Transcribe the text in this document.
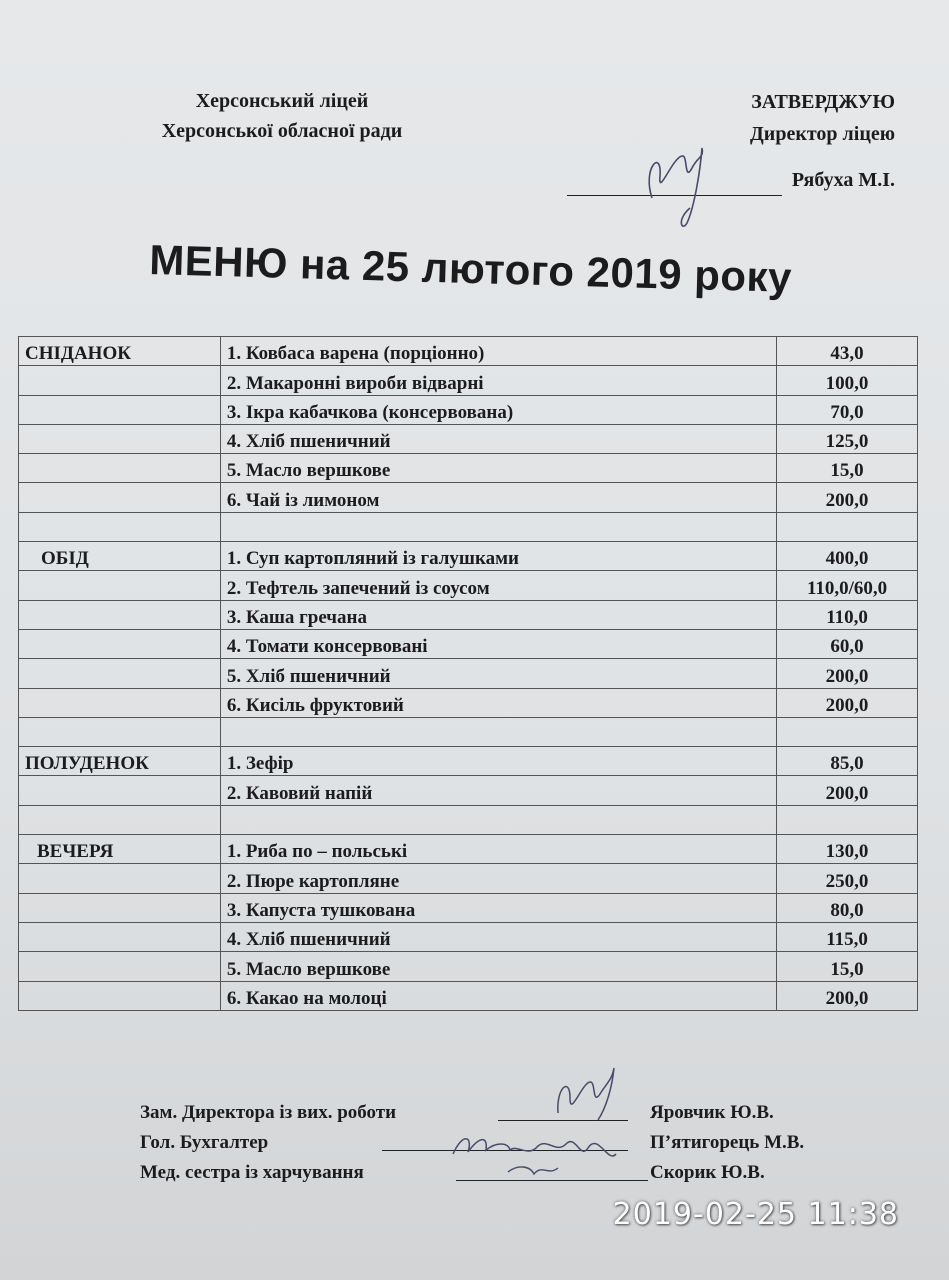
Херсонський ліцей
Херсонської обласної ради
ЗАТВЕРДЖУЮ
Директор ліцею
Рябуха М.І.
МЕНЮ на 25 лютого 2019 року
СНІДАНОК	1. Ковбаса варена (порціонно)	43,0
	2. Макаронні вироби відварні	100,0
	3. Ікра кабачкова (консервована)	70,0
	4. Хліб пшеничний	125,0
	5. Масло вершкове	15,0
	6. Чай із лимоном	200,0

ОБІД	1. Суп картопляний із галушками	400,0
	2. Тефтель запечений із соусом	110,0/60,0
	3. Каша гречана	110,0
	4. Томати консервовані	60,0
	5. Хліб пшеничний	200,0
	6. Кисіль фруктовий	200,0

ПОЛУДЕНОК	1. Зефір	85,0
	2. Кавовий напій	200,0

ВЕЧЕРЯ	1. Риба по – польські	130,0
	2. Пюре картопляне	250,0
	3. Капуста тушкована	80,0
	4. Хліб пшеничний	115,0
	5. Масло вершкове	15,0
	6. Какао на молоці	200,0
Зам. Директора із вих. роботи	Яровчик Ю.В.
Гол. Бухгалтер	П’ятигорець М.В.
Мед. сестра із харчування	Скорик Ю.В.
2019-02-25 11:38
